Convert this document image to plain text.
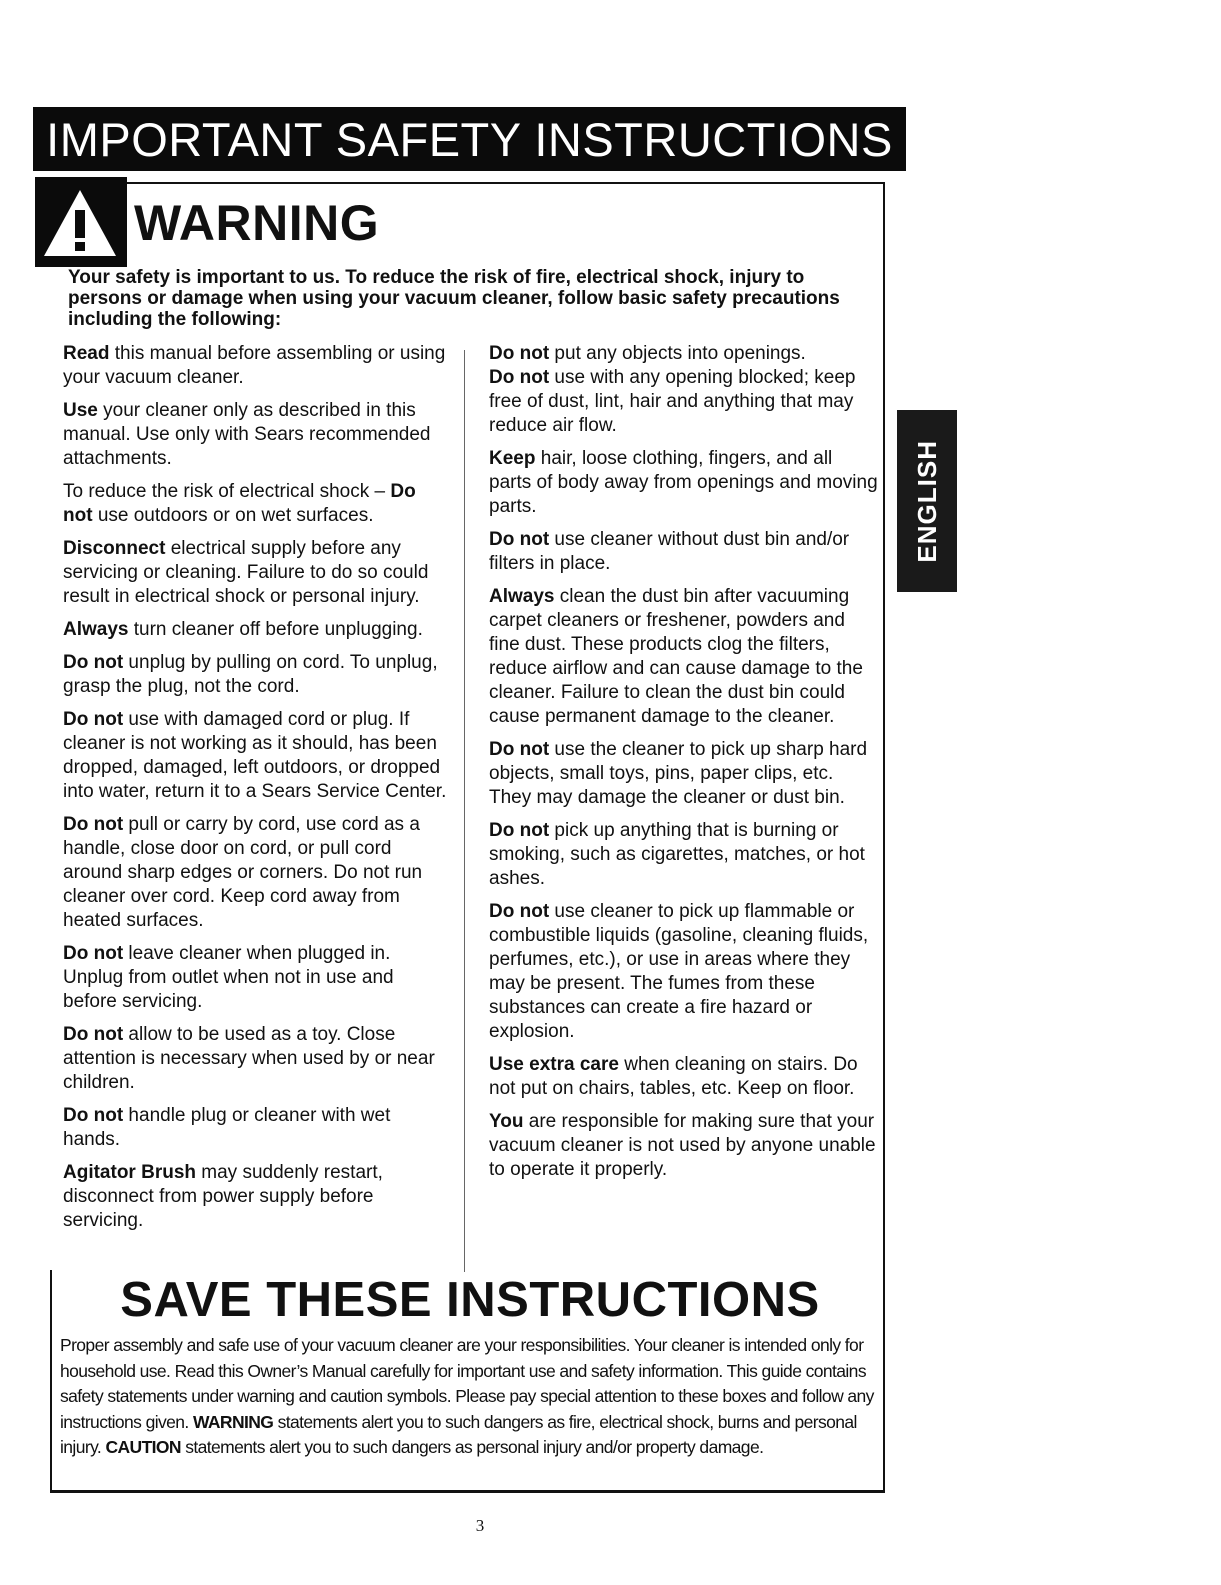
IMPORTANT SAFETY INSTRUCTIONS
WARNING
Your safety is important to us. To reduce the risk of fire, electrical shock, injury to persons or damage when using your vacuum cleaner, follow basic safety precautions including the following:

Read this manual before assembling or using your vacuum cleaner.

Use your cleaner only as described in this manual. Use only with Sears recommended attachments.

To reduce the risk of electrical shock – Do not use outdoors or on wet surfaces.

Disconnect electrical supply before any servicing or cleaning. Failure to do so could result in electrical shock or personal injury.

Always turn cleaner off before unplugging.

Do not unplug by pulling on cord. To unplug, grasp the plug, not the cord.

Do not use with damaged cord or plug. If cleaner is not working as it should, has been dropped, damaged, left outdoors, or dropped into water, return it to a Sears Service Center.

Do not pull or carry by cord, use cord as a handle, close door on cord, or pull cord around sharp edges or corners. Do not run cleaner over cord. Keep cord away from heated surfaces.

Do not leave cleaner when plugged in. Unplug from outlet when not in use and before servicing.

Do not allow to be used as a toy. Close attention is necessary when used by or near children.

Do not handle plug or cleaner with wet hands.

Agitator Brush may suddenly restart, disconnect from power supply before servicing.

Do not put any objects into openings.
Do not use with any opening blocked; keep free of dust, lint, hair and anything that may reduce air flow.

Keep hair, loose clothing, fingers, and all parts of body away from openings and moving parts.

Do not use cleaner without dust bin and/or filters in place.

Always clean the dust bin after vacuuming carpet cleaners or freshener, powders and fine dust. These products clog the filters, reduce airflow and can cause damage to the cleaner. Failure to clean the dust bin could cause permanent damage to the cleaner.

Do not use the cleaner to pick up sharp hard objects, small toys, pins, paper clips, etc. They may damage the cleaner or dust bin.

Do not pick up anything that is burning or smoking, such as cigarettes, matches, or hot ashes.

Do not use cleaner to pick up flammable or combustible liquids (gasoline, cleaning fluids, perfumes, etc.), or use in areas where they may be present. The fumes from these substances can create a fire hazard or explosion.

Use extra care when cleaning on stairs. Do not put on chairs, tables, etc. Keep on floor.

You are responsible for making sure that your vacuum cleaner is not used by anyone unable to operate it properly.

SAVE THESE INSTRUCTIONS
Proper assembly and safe use of your vacuum cleaner are your responsibilities. Your cleaner is intended only for household use. Read this Owner’s Manual carefully for important use and safety information. This guide contains safety statements under warning and caution symbols. Please pay special attention to these boxes and follow any instructions given. WARNING statements alert you to such dangers as fire, electrical shock, burns and personal injury. CAUTION statements alert you to such dangers as personal injury and/or property damage.
ENGLISH
3
